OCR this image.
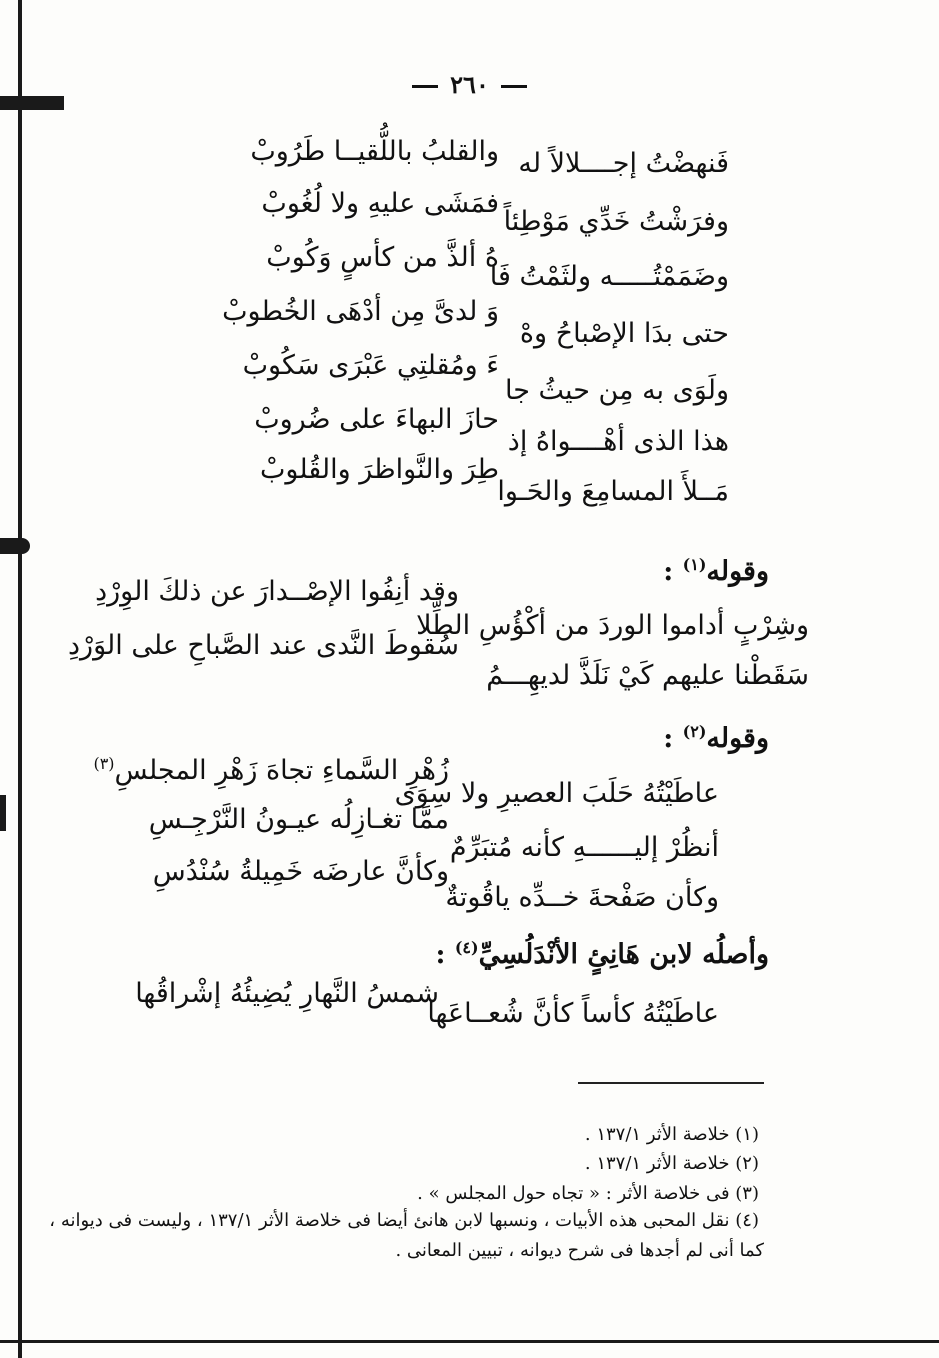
٢٦٠
فَنهضْتُ إجــــلالاً له
والقلبُ باللُّقيــا طَرُوبْ
وفرَشْتُ خَدِّي مَوْطِئاً
فمَشَى عليهِ ولا لُغُوبْ
وضَمَمْتُـــــه ولثَمْتُ فَا
هُ ألذَّ من كأسٍ وَكُوبْ
حتى بدَا الإصْباحُ وهْ
وَ لدىَّ مِن أدْهَى الخُطوبْ
ولَوَى به مِن حيثُ جا
ءَ ومُقلتِي عَبْرَى سَكُوبْ
هذا الذى أهْــــواهُ إذ
حازَ البهاءَ على ضُروبْ
مَــلأَ المسامِعَ والحَـوا
طِرَ والنَّواظرَ والقُلوبْ
وقوله$^{(١)}$ :
وشِرْبٍ أداموا الوردَ من أكْؤُسِ الطِّلا
وقد أنِفُوا الإصْــدارَ عن ذلكَ الوِرْدِ
سَقَطْنا عليهم كَيْ نَلَذَّ لديهِـــمُ
سُقوطَ النَّدى عند الصَّباحِ على الوَرْدِ
وقوله$^{(٢)}$ :
عاطَيْتُهُ حَلَبَ العصيرِ ولا سِوَى
زُهْرِ السَّماءِ تجاهَ زَهْرِ المجلسِ$^{(٣)}$
أنظُرْ إليــــــهِ كأنه مُتبَرِّمٌ
ممَّا تغـازِلُه عيـونُ النَّرْجِـسِ
وكأن صَفْحةَ خــدِّه ياقُوتةٌ
وكأنَّ عارضَه خَمِيلةُ سُنْدُسِ
وأصلُه لابن هَانِئٍ الأنْدَلُسِيِّ$^{(٤)}$ :
عاطَيْتُهُ كأساً كأنَّ شُعــاعَها
شمسُ النَّهارِ يُضِيئُهُ إشْراقُها
(١) خلاصة الأثر ١٣٧/١ .
(٢) خلاصة الأثر ١٣٧/١ .
(٣) فى خلاصة الأثر : « تجاه حول المجلس » .
(٤) نقل المحبى هذه الأبيات ، ونسبها لابن هانئ أيضا فى خلاصة الأثر ١٣٧/١ ، وليست فى ديوانه ،
كما أنى لم أجدها فى شرح ديوانه ، تبيين المعانى .
